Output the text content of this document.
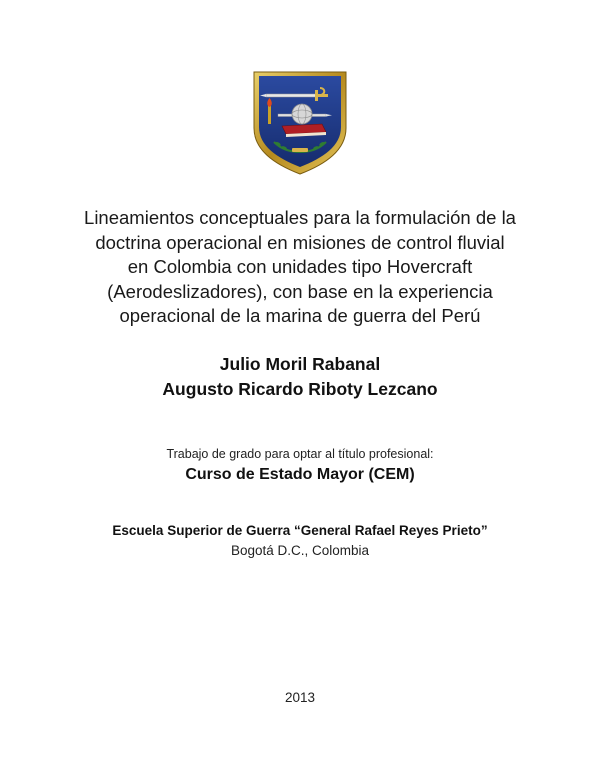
Lineamientos conceptuales para la formulación de la
doctrina operacional en misiones de control fluvial
en Colombia con unidades tipo Hovercraft
(Aerodeslizadores), con base en la experiencia
operacional de la marina de guerra del Perú
Julio Moril Rabanal
Augusto Ricardo Riboty Lezcano
Trabajo de grado para optar al título profesional:
Curso de Estado Mayor (CEM)
Escuela Superior de Guerra “General Rafael Reyes Prieto”
Bogotá D.C., Colombia
2013
